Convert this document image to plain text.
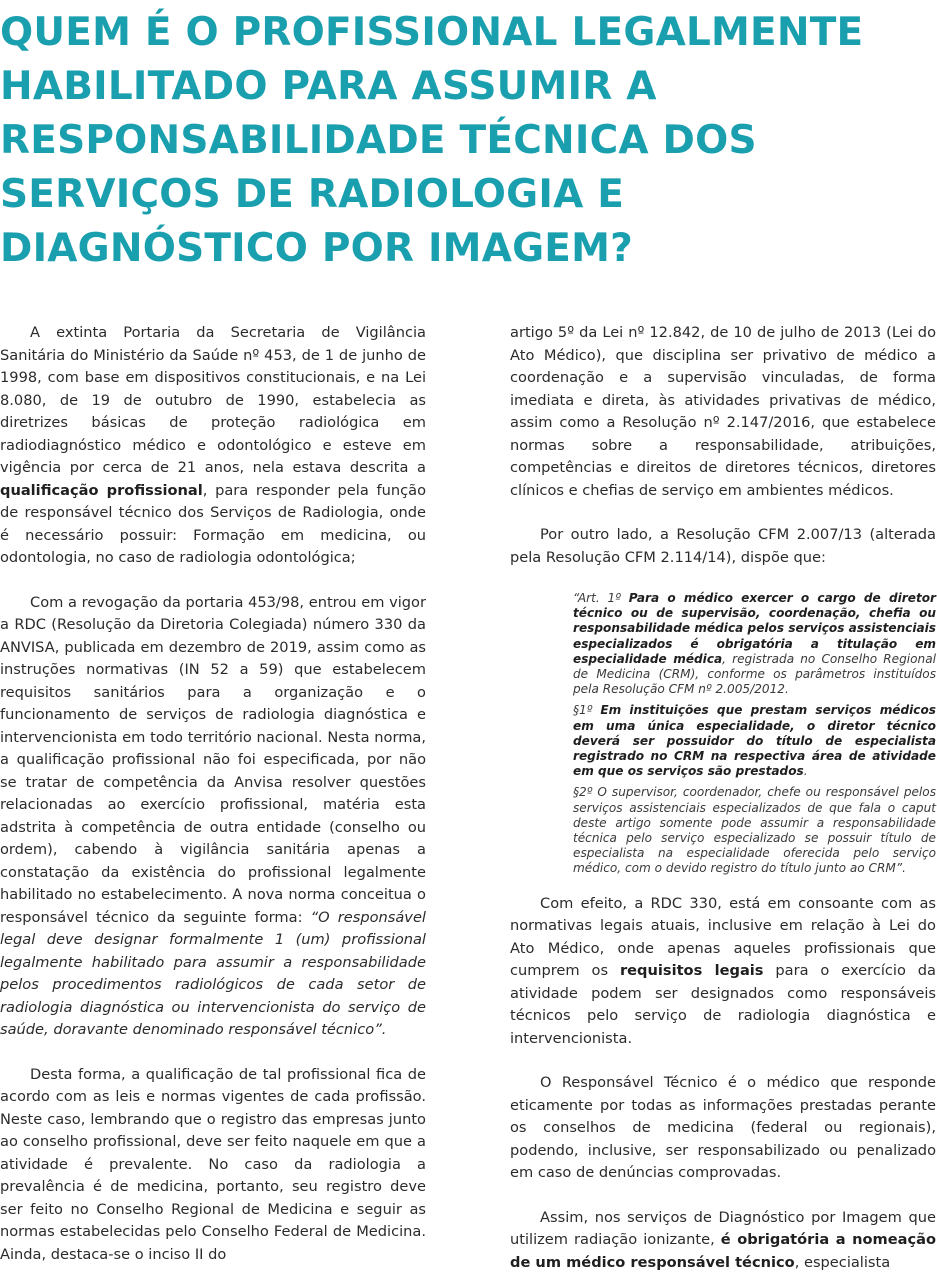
QUEM É O PROFISSIONAL LEGALMENTE
HABILITADO PARA ASSUMIR A
RESPONSABILIDADE TÉCNICA DOS
SERVIÇOS DE RADIOLOGIA E
DIAGNÓSTICO POR IMAGEM?

A extinta Portaria da Secretaria de Vigilância Sanitária do Ministério da Saúde nº 453, de 1 de junho de 1998, com base em dispositivos constitucionais, e na Lei 8.080, de 19 de outubro de 1990, estabelecia as diretrizes básicas de proteção radiológica em radiodiagnóstico médico e odontológico e esteve em vigência por cerca de 21 anos, nela estava descrita a qualificação profissional, para responder pela função de responsável técnico dos Serviços de Radiologia, onde é necessário possuir: Formação em medicina, ou odontologia, no caso de radiologia odontológica;

Com a revogação da portaria 453/98, entrou em vigor a RDC (Resolução da Diretoria Colegiada) número 330 da ANVISA, publicada em dezembro de 2019, assim como as instruções normativas (IN 52 a 59) que estabelecem requisitos sanitários para a organização e o funcionamento de serviços de radiologia diagnóstica e intervencionista em todo território nacional. Nesta norma, a qualificação profissional não foi especificada, por não se tratar de competência da Anvisa resolver questões relacionadas ao exercício profissional, matéria esta adstrita à competência de outra entidade (conselho ou ordem), cabendo à vigilância sanitária apenas a constatação da existência do profissional legalmente habilitado no estabelecimento. A nova norma conceitua o responsável técnico da seguinte forma: “O responsável legal deve designar formalmente 1 (um) profissional legalmente habilitado para assumir a responsabilidade pelos procedimentos radiológicos de cada setor de radiologia diagnóstica ou intervencionista do serviço de saúde, doravante denominado responsável técnico”.

Desta forma, a qualificação de tal profissional fica de acordo com as leis e normas vigentes de cada profissão. Neste caso, lembrando que o registro das empresas junto ao conselho profissional, deve ser feito naquele em que a atividade é prevalente. No caso da radiologia a prevalência é de medicina, portanto, seu registro deve ser feito no Conselho Regional de Medicina e seguir as normas estabelecidas pelo Conselho Federal de Medicina. Ainda, destaca-se o inciso II do

artigo 5º da Lei nº 12.842, de 10 de julho de 2013 (Lei do Ato Médico), que disciplina ser privativo de médico a coordenação e a supervisão vinculadas, de forma imediata e direta, às atividades privativas de médico, assim como a Resolução nº 2.147/2016, que estabelece normas sobre a responsabilidade, atribuições, competências e direitos de diretores técnicos, diretores clínicos e chefias de serviço em ambientes médicos.

Por outro lado, a Resolução CFM 2.007/13 (alterada pela Resolução CFM 2.114/14), dispõe que:

“Art. 1º Para o médico exercer o cargo de diretor técnico ou de supervisão, coordenação, chefia ou responsabilidade médica pelos serviços assistenciais especializados é obrigatória a titulação em especialidade médica, registrada no Conselho Regional de Medicina (CRM), conforme os parâmetros instituídos pela Resolução CFM nº 2.005/2012.
§1º Em instituições que prestam serviços médicos em uma única especialidade, o diretor técnico deverá ser possuidor do título de especialista registrado no CRM na respectiva área de atividade em que os serviços são prestados.
§2º O supervisor, coordenador, chefe ou responsável pelos serviços assistenciais especializados de que fala o caput deste artigo somente pode assumir a responsabilidade técnica pelo serviço especializado se possuir título de especialista na especialidade oferecida pelo serviço médico, com o devido registro do título junto ao CRM”.

Com efeito, a RDC 330, está em consoante com as normativas legais atuais, inclusive em relação à Lei do Ato Médico, onde apenas aqueles profissionais que cumprem os requisitos legais para o exercício da atividade podem ser designados como responsáveis técnicos pelo serviço de radiologia diagnóstica e intervencionista.

O Responsável Técnico é o médico que responde eticamente por todas as informações prestadas perante os conselhos de medicina (federal ou regionais), podendo, inclusive, ser responsabilizado ou penalizado em caso de denúncias comprovadas.

Assim, nos serviços de Diagnóstico por Imagem que utilizem radiação ionizante, é obrigatória a nomeação de um médico responsável técnico, especialista
